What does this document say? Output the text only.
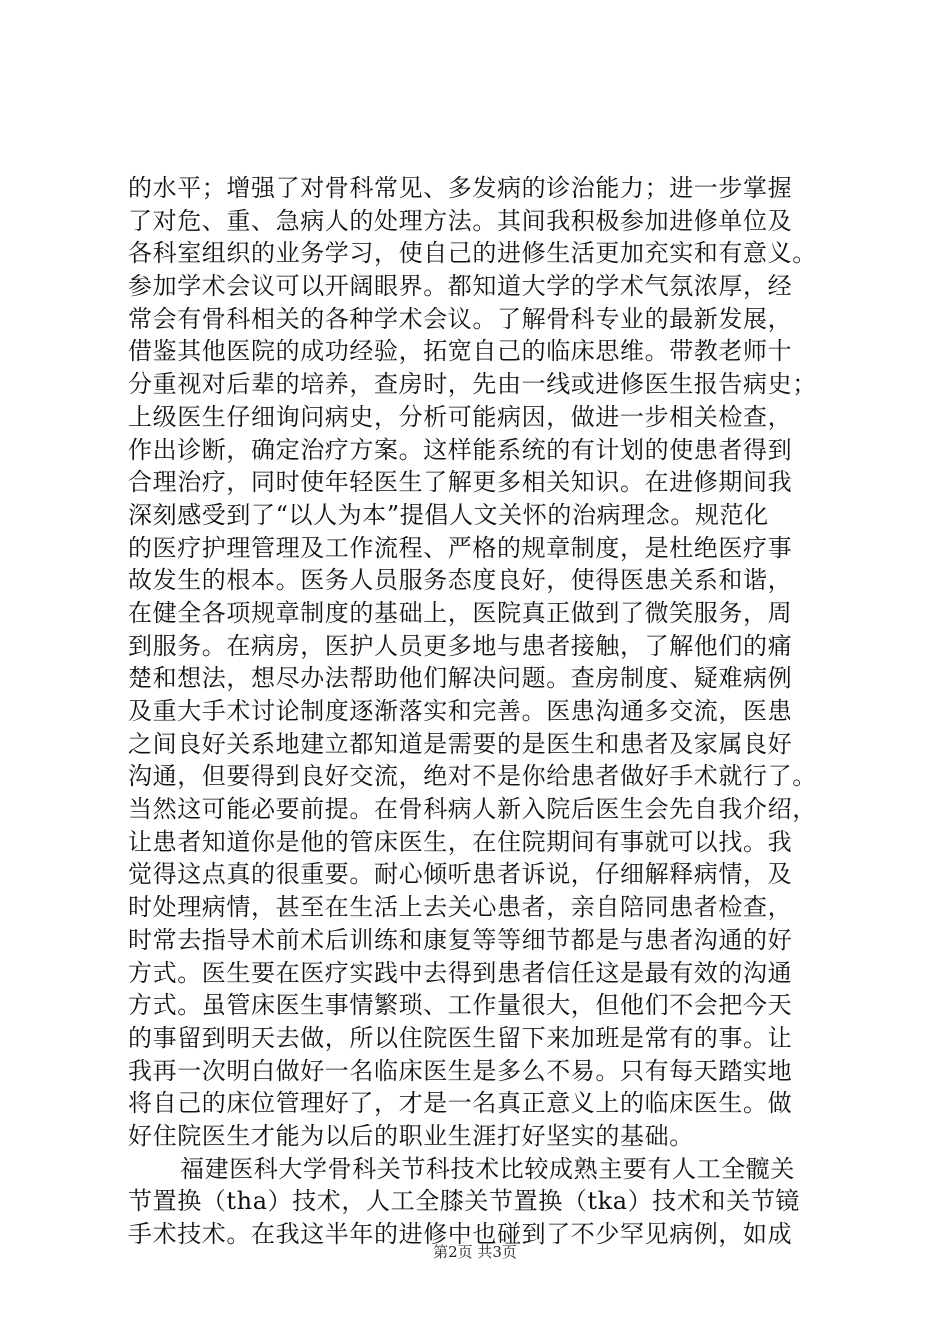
的水平；增强了对骨科常见、多发病的诊治能力；进一步掌握
了对危、重、急病人的处理方法。其间我积极参加进修单位及
各科室组织的业务学习，使自己的进修生活更加充实和有意义。
参加学术会议可以开阔眼界。都知道大学的学术气氛浓厚，经
常会有骨科相关的各种学术会议。了解骨科专业的最新发展，
借鉴其他医院的成功经验，拓宽自己的临床思维。带教老师十
分重视对后辈的培养，查房时，先由一线或进修医生报告病史；
上级医生仔细询问病史，分析可能病因，做进一步相关检查，
作出诊断，确定治疗方案。这样能系统的有计划的使患者得到
合理治疗，同时使年轻医生了解更多相关知识。在进修期间我
深刻感受到了“以人为本”提倡人文关怀的治病理念。规范化
的医疗护理管理及工作流程、严格的规章制度，是杜绝医疗事
故发生的根本。医务人员服务态度良好，使得医患关系和谐，
在健全各项规章制度的基础上，医院真正做到了微笑服务，周
到服务。在病房，医护人员更多地与患者接触，了解他们的痛
楚和想法，想尽办法帮助他们解决问题。查房制度、疑难病例
及重大手术讨论制度逐渐落实和完善。医患沟通多交流，医患
之间良好关系地建立都知道是需要的是医生和患者及家属良好
沟通，但要得到良好交流，绝对不是你给患者做好手术就行了。
当然这可能必要前提。在骨科病人新入院后医生会先自我介绍，
让患者知道你是他的管床医生，在住院期间有事就可以找。我
觉得这点真的很重要。耐心倾听患者诉说，仔细解释病情，及
时处理病情，甚至在生活上去关心患者，亲自陪同患者检查，
时常去指导术前术后训练和康复等等细节都是与患者沟通的好
方式。医生要在医疗实践中去得到患者信任这是最有效的沟通
方式。虽管床医生事情繁琐、工作量很大，但他们不会把今天
的事留到明天去做，所以住院医生留下来加班是常有的事。让
我再一次明白做好一名临床医生是多么不易。只有每天踏实地
将自己的床位管理好了，才是一名真正意义上的临床医生。做
好住院医生才能为以后的职业生涯打好坚实的基础。
福建医科大学骨科关节科技术比较成熟主要有人工全髋关
节置换（tha）技术，人工全膝关节置换（tka）技术和关节镜
手术技术。在我这半年的进修中也碰到了不少罕见病例，如成
第2页 共3页
